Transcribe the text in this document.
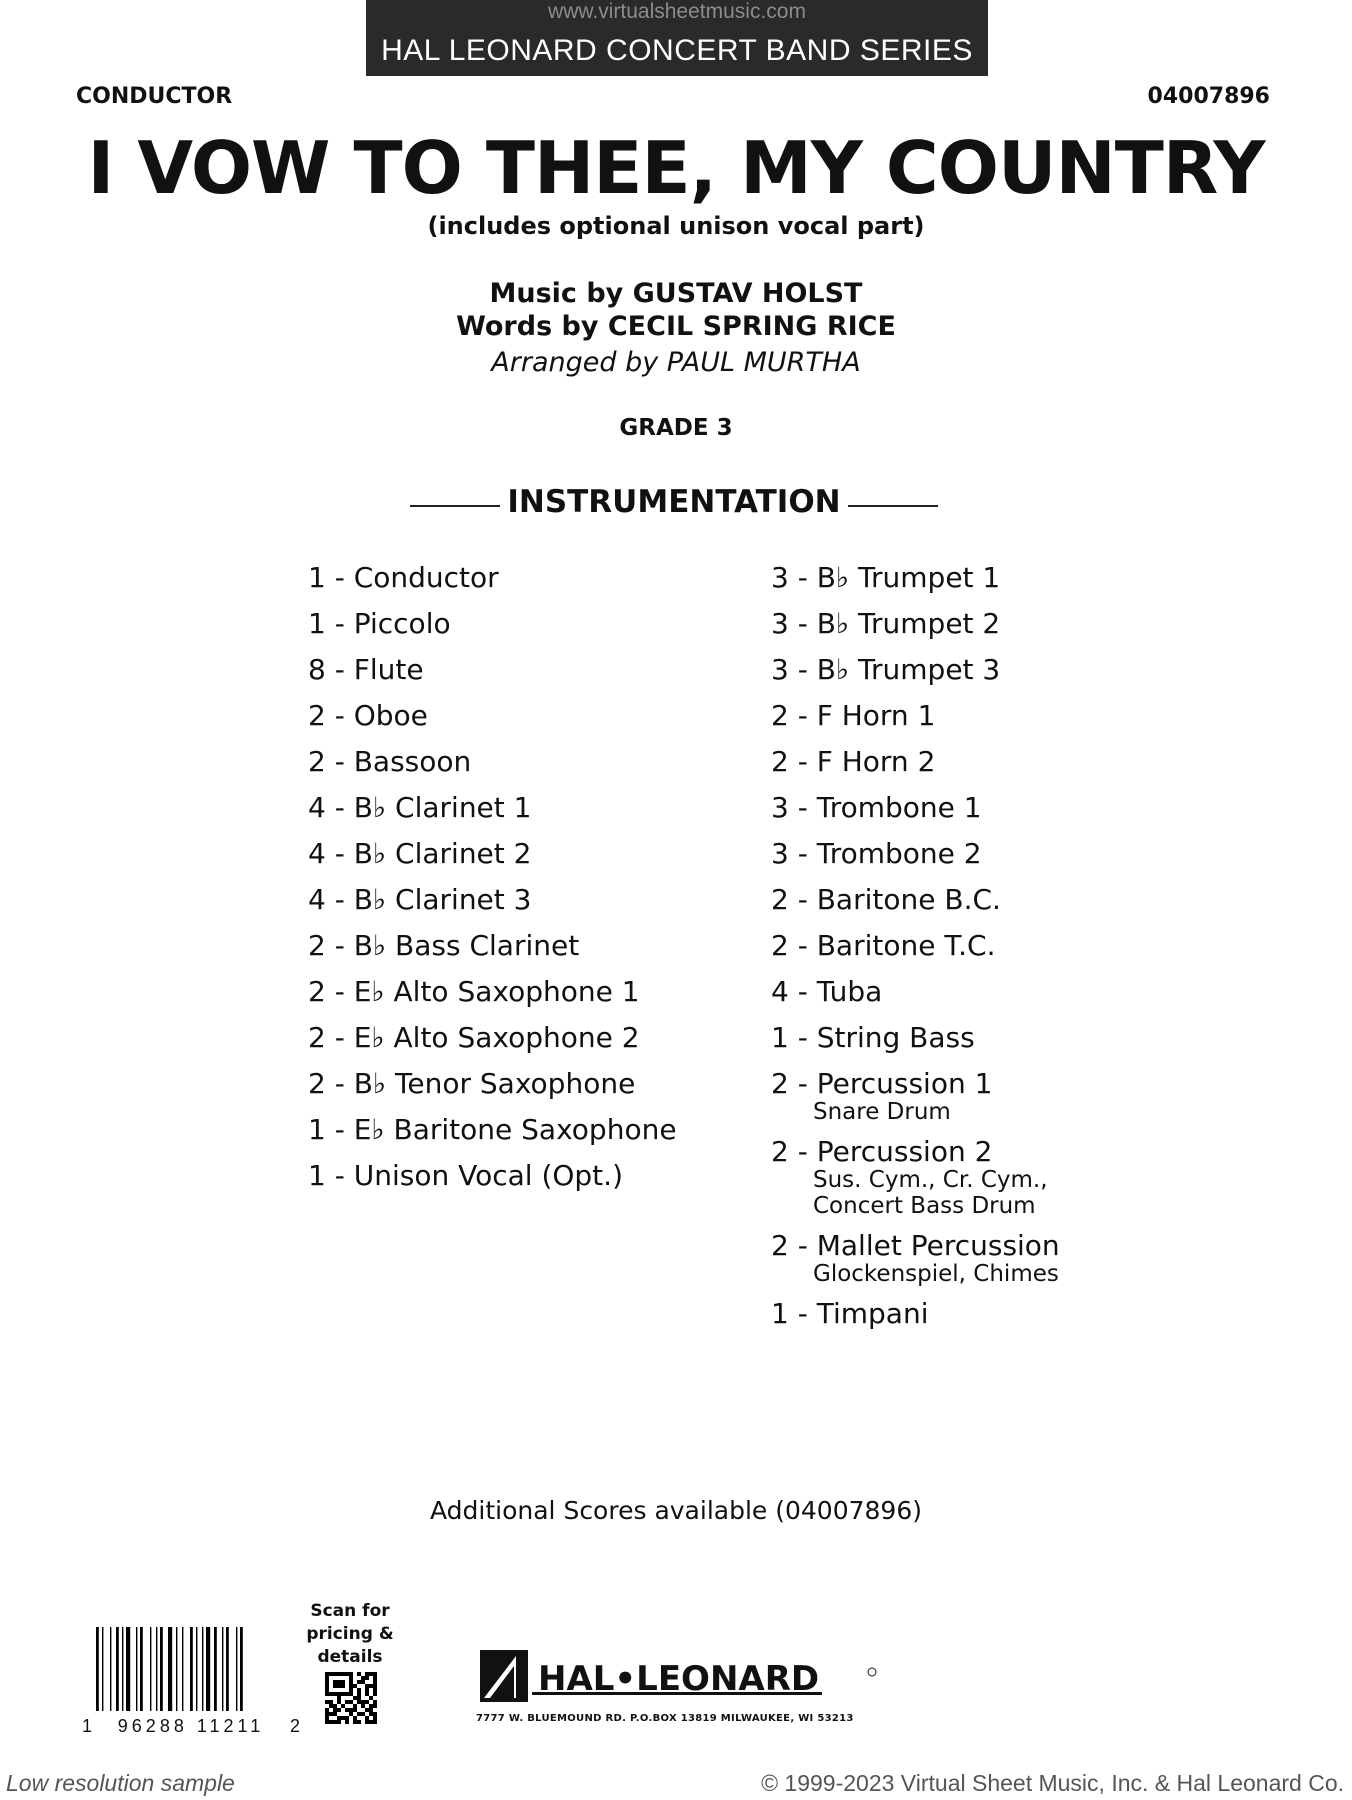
www.virtualsheetmusic.com
HAL LEONARD CONCERT BAND SERIES
CONDUCTOR	04007896
I VOW TO THEE, MY COUNTRY
(includes optional unison vocal part)
Music by GUSTAV HOLST
Words by CECIL SPRING RICE
Arranged by PAUL MURTHA
GRADE 3
INSTRUMENTATION
1 - Conductor
1 - Piccolo
8 - Flute
2 - Oboe
2 - Bassoon
4 - B♭ Clarinet 1
4 - B♭ Clarinet 2
4 - B♭ Clarinet 3
2 - B♭ Bass Clarinet
2 - E♭ Alto Saxophone 1
2 - E♭ Alto Saxophone 2
2 - B♭ Tenor Saxophone
1 - E♭ Baritone Saxophone
1 - Unison Vocal (Opt.)
3 - B♭ Trumpet 1
3 - B♭ Trumpet 2
3 - B♭ Trumpet 3
2 - F Horn 1
2 - F Horn 2
3 - Trombone 1
3 - Trombone 2
2 - Baritone B.C.
2 - Baritone T.C.
4 - Tuba
1 - String Bass
2 - Percussion 1
Snare Drum
2 - Percussion 2
Sus. Cym., Cr. Cym.,
Concert Bass Drum
2 - Mallet Percussion
Glockenspiel, Chimes
1 - Timpani
Additional Scores available (04007896)
1 96288 11211 2
Scan for
pricing &
details
HAL•LEONARD
7777 W. BLUEMOUND RD. P.O.BOX 13819 MILWAUKEE, WI 53213
Low resolution sample	© 1999-2023 Virtual Sheet Music, Inc. & Hal Leonard Co.
